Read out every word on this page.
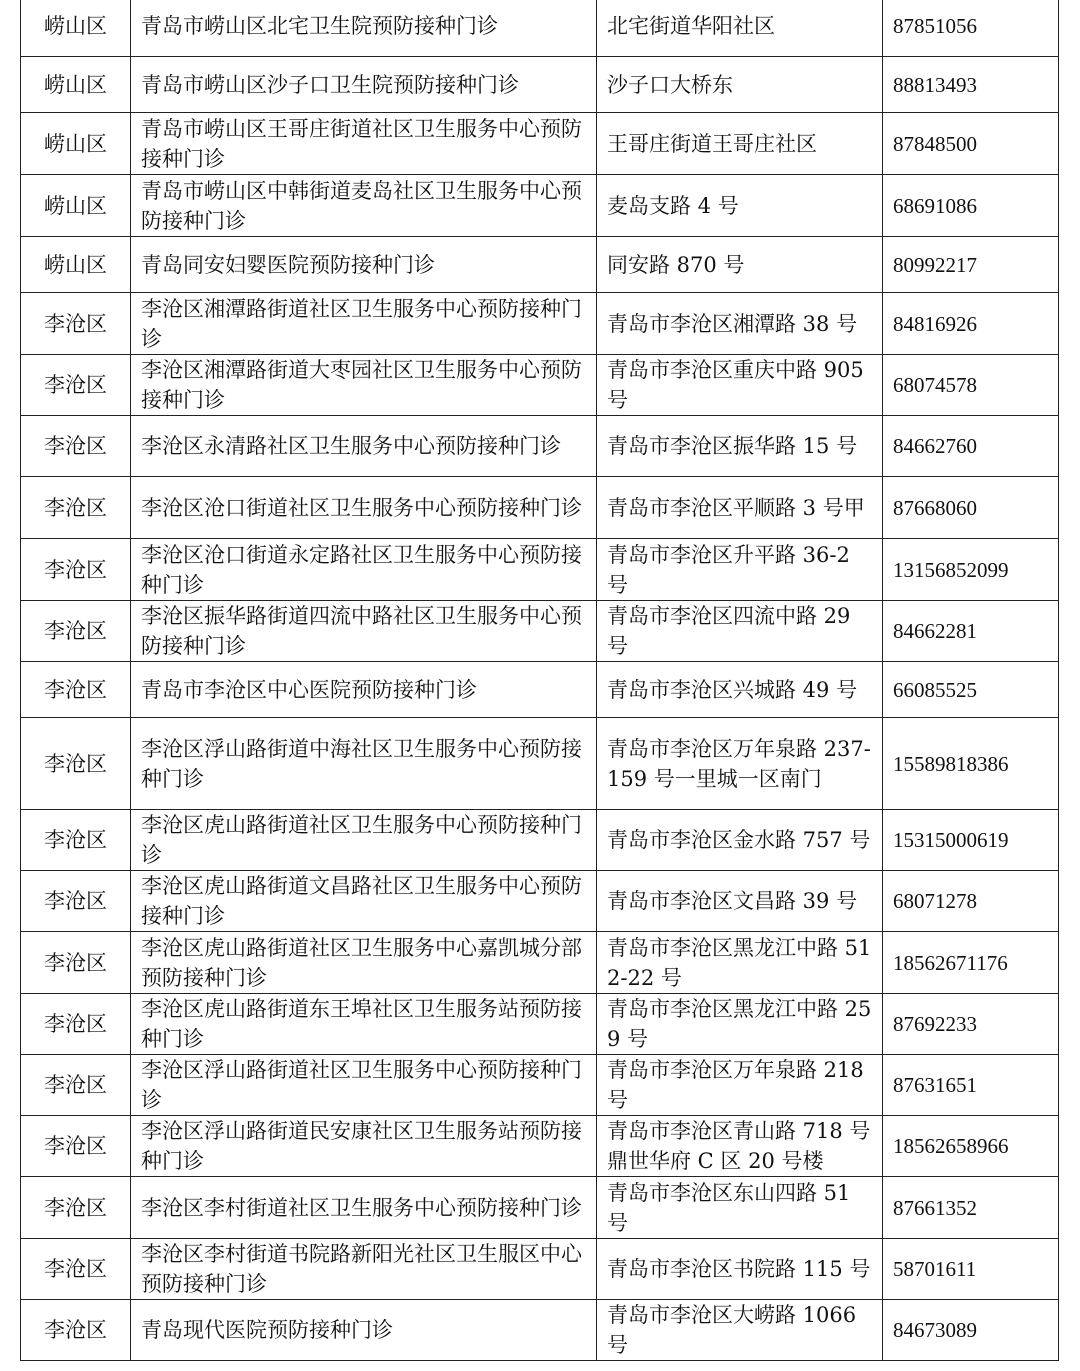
崂山区	青岛市崂山区北宅卫生院预防接种门诊	北宅街道华阳社区	87851056
崂山区	青岛市崂山区沙子口卫生院预防接种门诊	沙子口大桥东	88813493
崂山区	青岛市崂山区王哥庄街道社区卫生服务中心预防接种门诊	王哥庄街道王哥庄社区	87848500
崂山区	青岛市崂山区中韩街道麦岛社区卫生服务中心预防接种门诊	麦岛支路 4 号	68691086
崂山区	青岛同安妇婴医院预防接种门诊	同安路 870 号	80992217
李沧区	李沧区湘潭路街道社区卫生服务中心预防接种门诊	青岛市李沧区湘潭路 38 号	84816926
李沧区	李沧区湘潭路街道大枣园社区卫生服务中心预防接种门诊	青岛市李沧区重庆中路 905 号	68074578
李沧区	李沧区永清路社区卫生服务中心预防接种门诊	青岛市李沧区振华路 15 号	84662760
李沧区	李沧区沧口街道社区卫生服务中心预防接种门诊	青岛市李沧区平顺路 3 号甲	87668060
李沧区	李沧区沧口街道永定路社区卫生服务中心预防接种门诊	青岛市李沧区升平路 36-2 号	13156852099
李沧区	李沧区振华路街道四流中路社区卫生服务中心预防接种门诊	青岛市李沧区四流中路 29 号	84662281
李沧区	青岛市李沧区中心医院预防接种门诊	青岛市李沧区兴城路 49 号	66085525
李沧区	李沧区浮山路街道中海社区卫生服务中心预防接种门诊	青岛市李沧区万年泉路 237-159 号一里城一区南门	15589818386
李沧区	李沧区虎山路街道社区卫生服务中心预防接种门诊	青岛市李沧区金水路 757 号	15315000619
李沧区	李沧区虎山路街道文昌路社区卫生服务中心预防接种门诊	青岛市李沧区文昌路 39 号	68071278
李沧区	李沧区虎山路街道社区卫生服务中心嘉凯城分部预防接种门诊	青岛市李沧区黑龙江中路 512-22 号	18562671176
李沧区	李沧区虎山路街道东王埠社区卫生服务站预防接种门诊	青岛市李沧区黑龙江中路 259 号	87692233
李沧区	李沧区浮山路街道社区卫生服务中心预防接种门诊	青岛市李沧区万年泉路 218 号	87631651
李沧区	李沧区浮山路街道民安康社区卫生服务站预防接种门诊	青岛市李沧区青山路 718 号鼎世华府 C 区 20 号楼	18562658966
李沧区	李沧区李村街道社区卫生服务中心预防接种门诊	青岛市李沧区东山四路 51 号	87661352
李沧区	李沧区李村街道书院路新阳光社区卫生服区中心预防接种门诊	青岛市李沧区书院路 115 号	58701611
李沧区	青岛现代医院预防接种门诊	青岛市李沧区大崂路 1066 号	84673089
